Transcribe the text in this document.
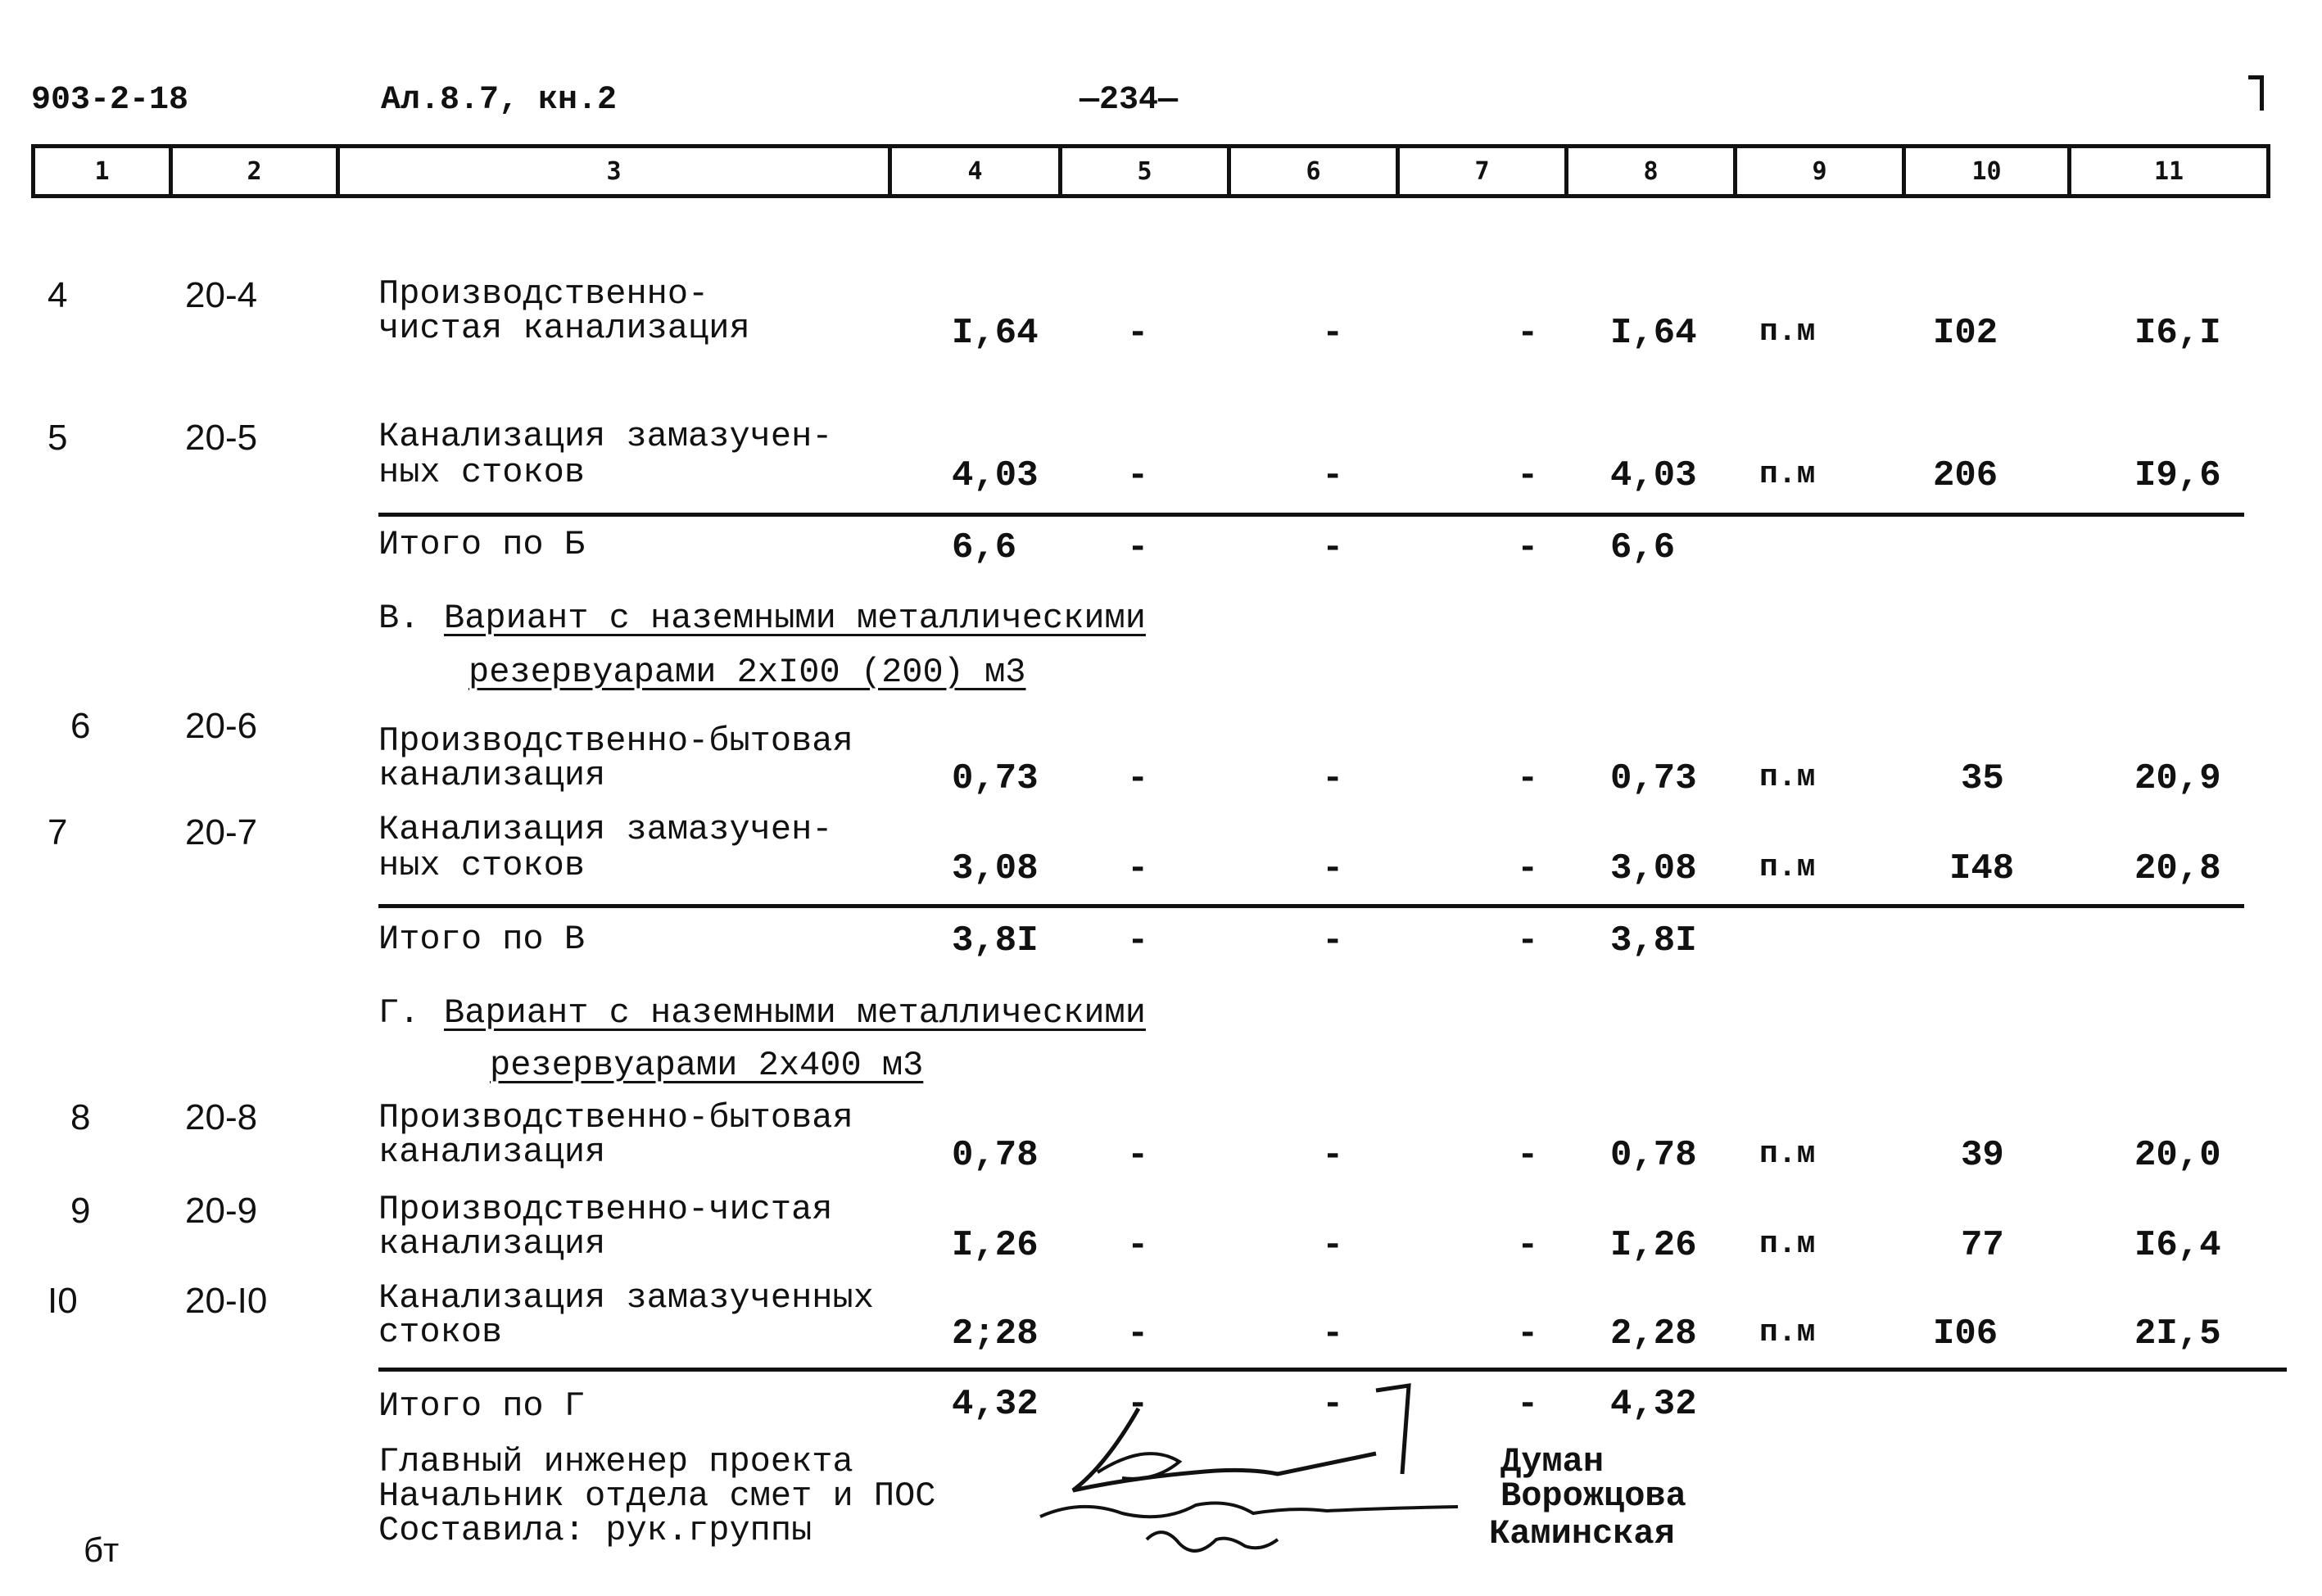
903-2-18	Ал.8.7, кн.2	—234—
1	2	3	4	5	6	7	8	9	10	11
4	20-4	Производственно-
чистая канализация	I,64 -	-	- I,64 п.м	I02	I6,I
5	20-5	Канализация замазучен-
ных стоков	4,03 -	-	- 4,03 п.м	206	I9,6
Итого по Б	6,6	-	-	- 6,6
В. Вариант с наземными металлическими
резервуарами 2хI00 (200) м3
6	20-6	Производственно-бытовая
канализация	0,73 -	-	- 0,73 п.м	35	20,9
7	20-7	Канализация замазучен-
ных стоков	3,08 -	-	- 3,08 п.м	I48	20,8
Итого по В	3,8I -	-	- 3,8I
Г. Вариант с наземными металлическими
резервуарами 2х400 м3
8	20-8	Производственно-бытовая
канализация	0,78 -	-	- 0,78 п.м	39	20,0
9	20-9	Производственно-чистая
канализация	I,26 -	-	- I,26 п.м	77	I6,4
I0	20-I0	Канализация замазученных
стоков	2;28 -	-	- 2,28 п.м	I06	2I,5
Итого по Г	4,32 -	-	- 4,32
Главный инженер проекта
Начальник отдела смет и ПОС
Составила: рук.группы
Думан
Ворожцова
Каминская
бт
